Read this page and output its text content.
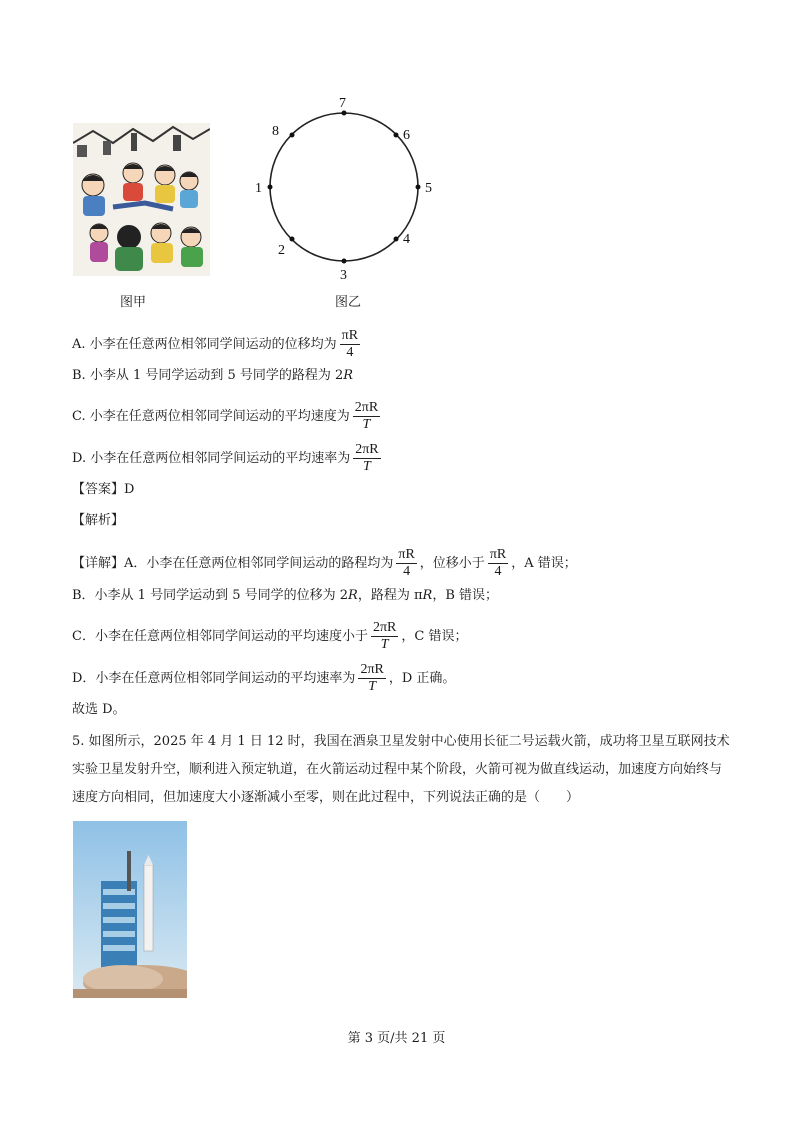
图甲
7
6
5
4
3
2
1
8
图乙
A. 小李在任意两位相邻同学间运动的位移均为 $\frac{\pi R}{4}$
B. 小李从 1 号同学运动到 5 号同学的路程为 2R
C. 小李在任意两位相邻同学间运动的平均速度为 $\frac{2\pi R}{T}$
D. 小李在任意两位相邻同学间运动的平均速率为 $\frac{2\pi R}{T}$
【答案】D
【解析】
【详解】A．小李在任意两位相邻同学间运动的路程均为 $\frac{\pi R}{4}$ ，位移小于 $\frac{\pi R}{4}$ ，A 错误；
B．小李从 1 号同学运动到 5 号同学的位移为 2R，路程为 πR，B 错误；
C．小李在任意两位相邻同学间运动的平均速度小于 $\frac{2\pi R}{T}$ ，C 错误；
D．小李在任意两位相邻同学间运动的平均速率为 $\frac{2\pi R}{T}$ ，D 正确。
故选 D。
5. 如图所示，2025 年 4 月 1 日 12 时，我国在酒泉卫星发射中心使用长征二号运载火箭，成功将卫星互联网技术实验卫星发射升空，顺利进入预定轨道，在火箭运动过程中某个阶段，火箭可视为做直线运动，加速度方向始终与速度方向相同，但加速度大小逐渐减小至零，则在此过程中，下列说法正确的是（　　）
第 3 页/共 21 页
